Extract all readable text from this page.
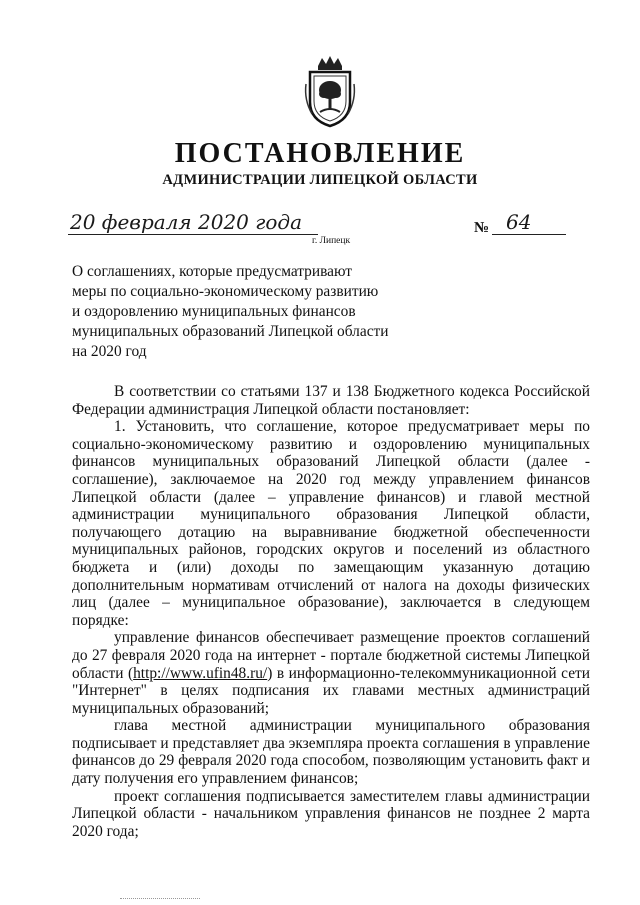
ПОСТАНОВЛЕНИЕ
АДМИНИСТРАЦИИ ЛИПЕЦКОЙ ОБЛАСТИ
20 февраля 2020 года
г. Липецк
№ 64
О соглашениях, которые предусматривают
меры по социально-экономическому развитию
и оздоровлению муниципальных финансов
муниципальных образований Липецкой области
на 2020 год

В соответствии со статьями 137 и 138 Бюджетного кодекса Российской Федерации администрация Липецкой области постановляет:

1. Установить, что соглашение, которое предусматривает меры по социально-экономическому развитию и оздоровлению муниципальных финансов муниципальных образований Липецкой области (далее - соглашение), заключаемое на 2020 год между управлением финансов Липецкой области (далее – управление финансов) и главой местной администрации муниципального образования Липецкой области, получающего дотацию на выравнивание бюджетной обеспеченности муниципальных районов, городских округов и поселений из областного бюджета и (или) доходы по замещающим указанную дотацию дополнительным нормативам отчислений от налога на доходы физических лиц (далее – муниципальное образование), заключается в следующем порядке:

управление финансов обеспечивает размещение проектов соглашений до 27 февраля 2020 года на интернет - портале бюджетной системы Липецкой области (http://www.ufin48.ru/) в информационно-телекоммуникационной сети "Интернет" в целях подписания их главами местных администраций муниципальных образований;

глава местной администрации муниципального образования подписывает и представляет два экземпляра проекта соглашения в управление финансов до 29 февраля 2020 года способом, позволяющим установить факт и дату получения его управлением финансов;

проект соглашения подписывается заместителем главы администрации Липецкой области - начальником управления финансов не позднее 2 марта 2020 года;
